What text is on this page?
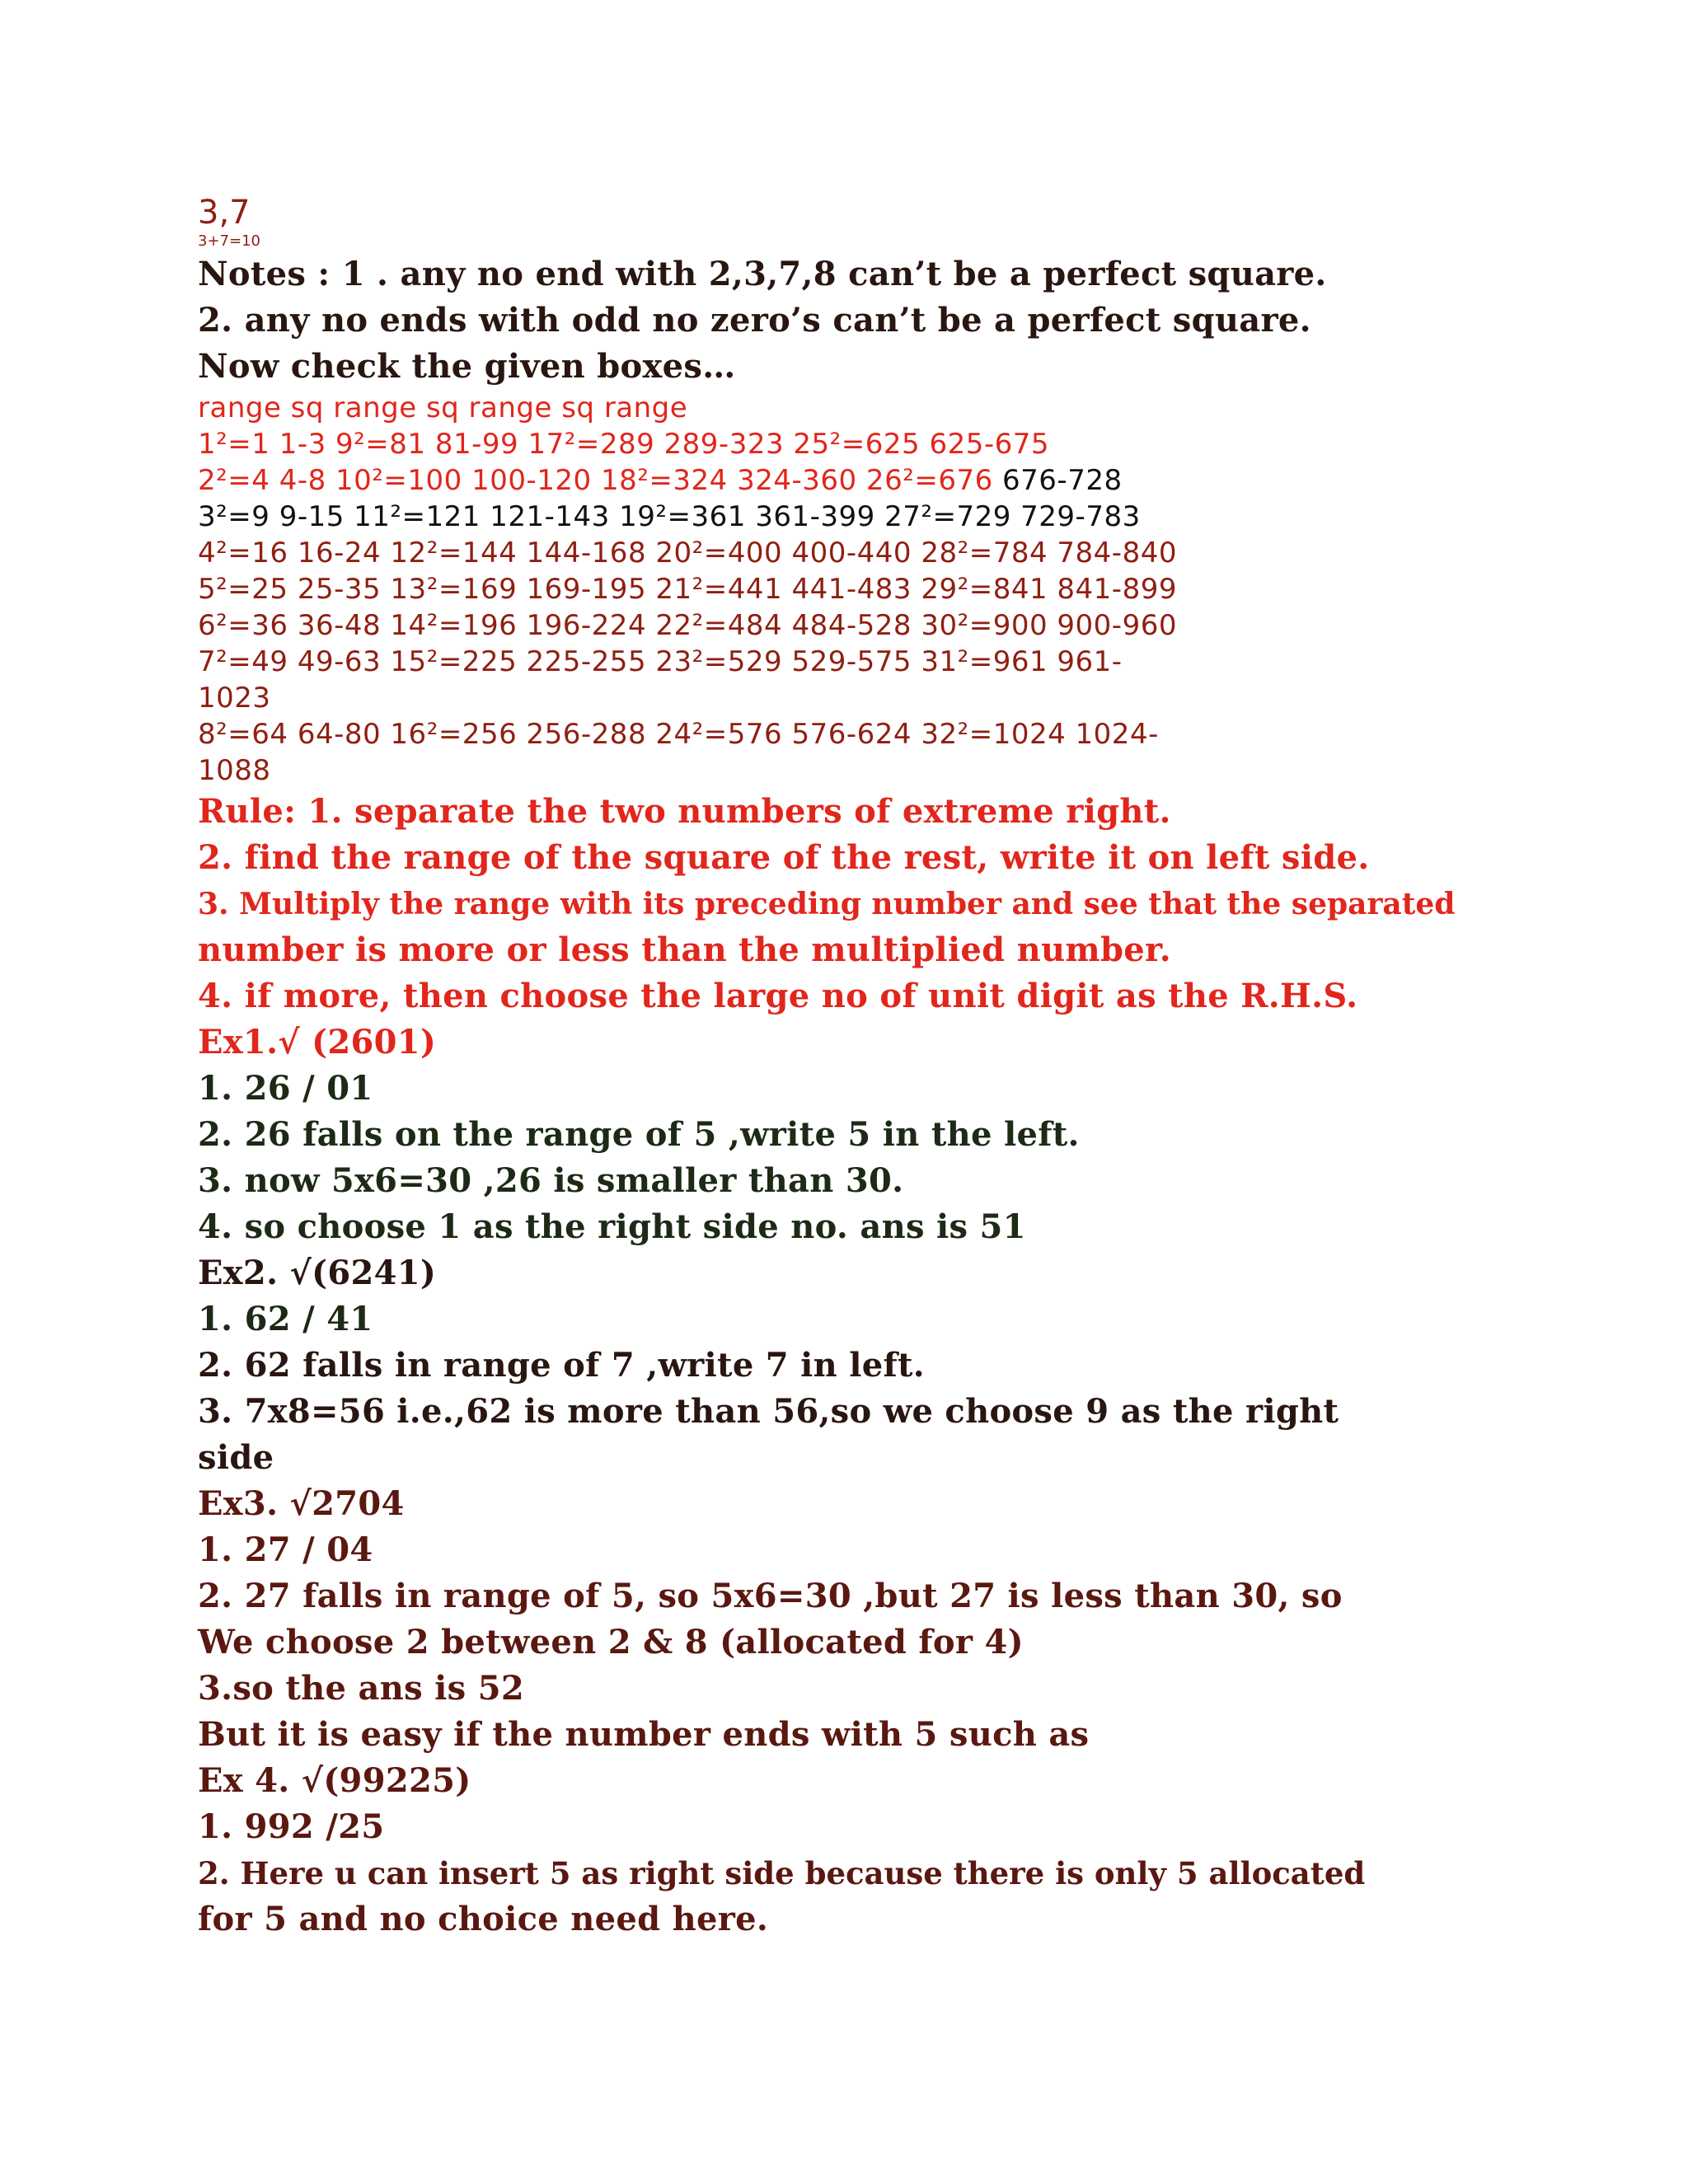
3,7
3+7=10
Notes : 1 . any no end with 2,3,7,8 can’t be a perfect square.
2. any no ends with odd no zero’s can’t be a perfect square.
Now check the given boxes…
range sq range sq range sq range
1²=1 1-3 9²=81 81-99 17²=289 289-323 25²=625 625-675
2²=4 4-8 10²=100 100-120 18²=324 324-360 26²=676 676-728
3²=9 9-15 11²=121 121-143 19²=361 361-399 27²=729 729-783
4²=16 16-24 12²=144 144-168 20²=400 400-440 28²=784 784-840
5²=25 25-35 13²=169 169-195 21²=441 441-483 29²=841 841-899
6²=36 36-48 14²=196 196-224 22²=484 484-528 30²=900 900-960
7²=49 49-63 15²=225 225-255 23²=529 529-575 31²=961 961-
1023
8²=64 64-80 16²=256 256-288 24²=576 576-624 32²=1024 1024-
1088
Rule: 1. separate the two numbers of extreme right.
2. find the range of the square of the rest, write it on left side.
3. Multiply the range with its preceding number and see that the separated
number is more or less than the multiplied number.
4. if more, then choose the large no of unit digit as the R.H.S.
Ex1.√ (2601)
1. 26 / 01
2. 26 falls on the range of 5 ,write 5 in the left.
3. now 5x6=30 ,26 is smaller than 30.
4. so choose 1 as the right side no. ans is 51
Ex2. √(6241)
1. 62 / 41
2. 62 falls in range of 7 ,write 7 in left.
3. 7x8=56 i.e.,62 is more than 56,so we choose 9 as the right
side
Ex3. √2704
1. 27 / 04
2. 27 falls in range of 5, so 5x6=30 ,but 27 is less than 30, so
We choose 2 between 2 & 8 (allocated for 4)
3.so the ans is 52
But it is easy if the number ends with 5 such as
Ex 4. √(99225)
1. 992 /25
2. Here u can insert 5 as right side because there is only 5 allocated
for 5 and no choice need here.
